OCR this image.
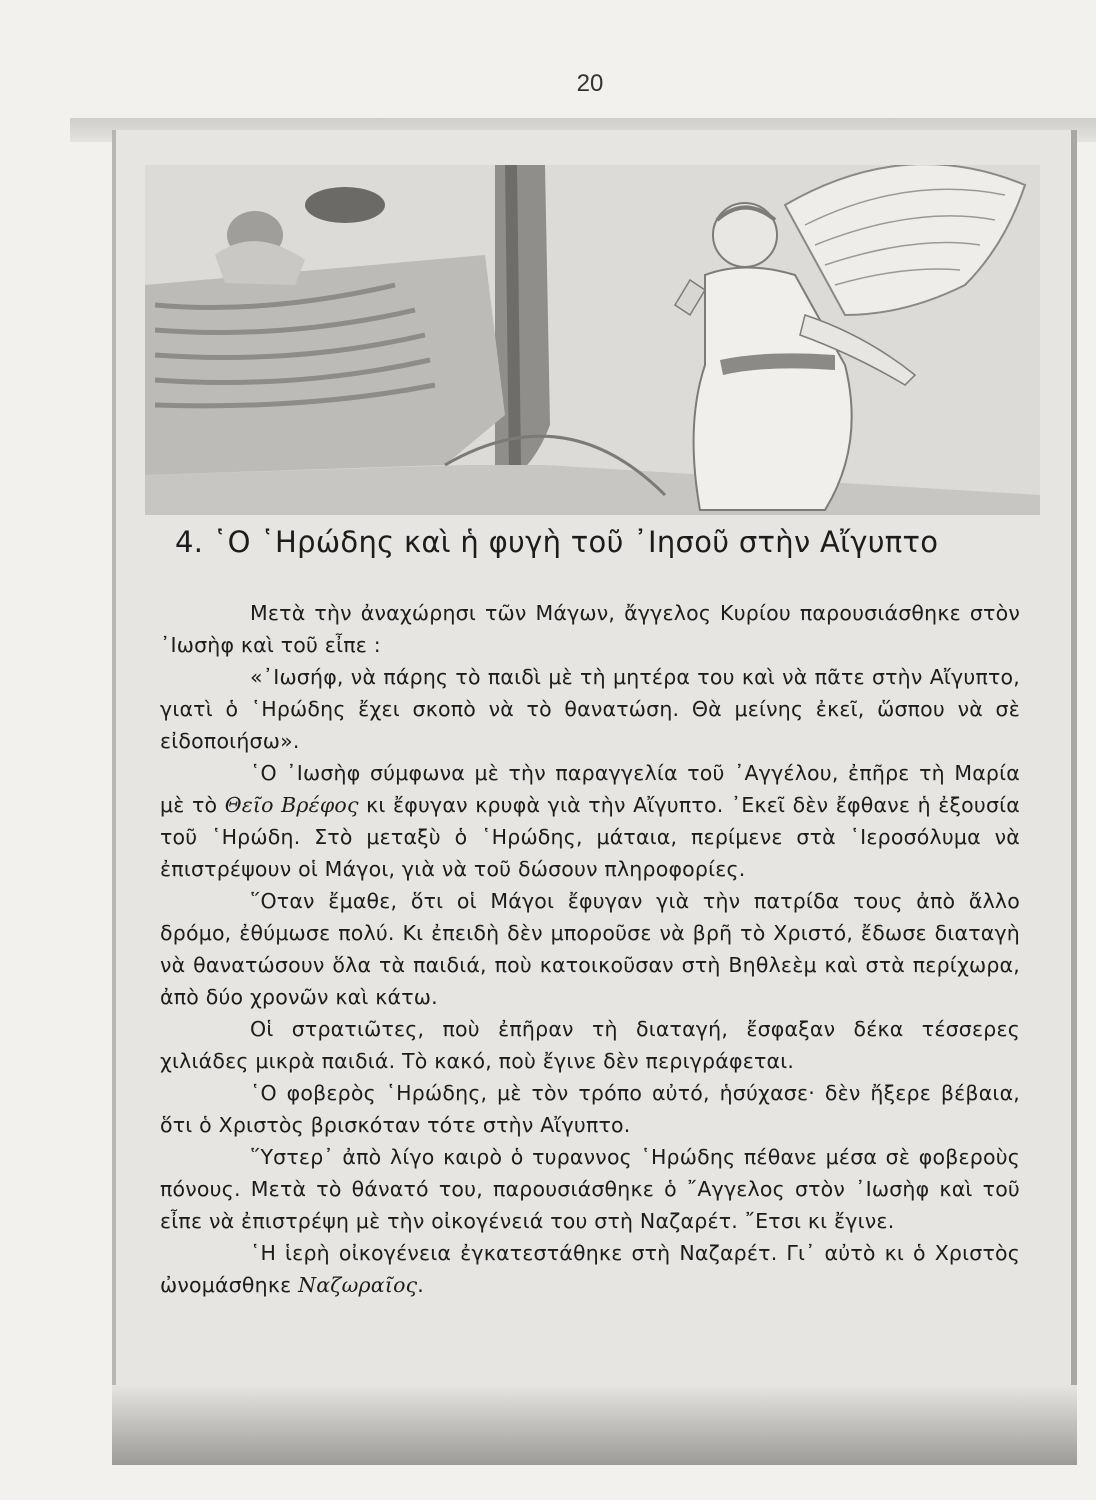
20
4. ῾Ο ῾Ηρώδης καὶ ἡ φυγὴ τοῦ ᾿Ιησοῦ στὴν Αἴγυπτο

Μετὰ τὴν ἀναχώρησι τῶν Μάγων, ἄγγελος Κυρίου παρουσιάσθηκε στὸν ᾿Ιωσὴφ καὶ τοῦ εἶπε :

«᾿Ιωσήφ, νὰ πάρης τὸ παιδὶ μὲ τὴ μητέρα του καὶ νὰ πᾶτε στὴν Αἴγυπτο, γιατὶ ὁ ῾Ηρώδης ἔχει σκοπὸ νὰ τὸ θανατώση. Θὰ μείνης ἐκεῖ, ὥσπου νὰ σὲ εἰδοποιήσω».

῾Ο ᾿Ιωσὴφ σύμφωνα μὲ τὴν παραγγελία τοῦ ᾿Αγγέλου, ἐπῆρε τὴ Μαρία μὲ τὸ Θεῖο Βρέφος κι ἔφυγαν κρυφὰ γιὰ τὴν Αἴγυπτο. ᾿Εκεῖ δὲν ἔφθανε ἡ ἐξουσία τοῦ ῾Ηρώδη. Στὸ μεταξὺ ὁ ῾Ηρώδης, μάταια, περίμενε στὰ ῾Ιεροσόλυμα νὰ ἐπιστρέψουν οἱ Μάγοι, γιὰ νὰ τοῦ δώσουν πληροφορίες.

῞Οταν ἔμαθε, ὅτι οἱ Μάγοι ἔφυγαν γιὰ τὴν πατρίδα τους ἀπὸ ἄλλο δρόμο, ἐθύμωσε πολύ. Κι ἐπειδὴ δὲν μποροῦσε νὰ βρῆ τὸ Χριστό, ἔδωσε διαταγὴ νὰ θανατώσουν ὅλα τὰ παιδιά, ποὺ κατοικοῦσαν στὴ Βηθλεὲμ καὶ στὰ περίχωρα, ἀπὸ δύο χρονῶν καὶ κάτω.

Οἱ στρατιῶτες, ποὺ ἐπῆραν τὴ διαταγή, ἔσφαξαν δέκα τέσσερες χιλιάδες μικρὰ παιδιά. Τὸ κακό, ποὺ ἔγινε δὲν περιγράφεται.

῾Ο φοβερὸς ῾Ηρώδης, μὲ τὸν τρόπο αὐτό, ἡσύχασε· δὲν ἤξερε βέβαια, ὅτι ὁ Χριστὸς βρισκόταν τότε στὴν Αἴγυπτο.

῞Υστερ᾿ ἀπὸ λίγο καιρὸ ὁ τυραννος ῾Ηρώδης πέθανε μέσα σὲ φοβεροὺς πόνους. Μετὰ τὸ θάνατό του, παρουσιάσθηκε ὁ ῎Αγγελος στὸν ᾿Ιωσὴφ καὶ τοῦ εἶπε νὰ ἐπιστρέψη μὲ τὴν οἰκογένειά του στὴ Ναζαρέτ. ῎Ετσι κι ἔγινε.

῾Η ἱερὴ οἰκογένεια ἐγκατεστάθηκε στὴ Ναζαρέτ. Γι᾿ αὐτὸ κι ὁ Χριστὸς ὠνομάσθηκε Ναζωραῖος.
